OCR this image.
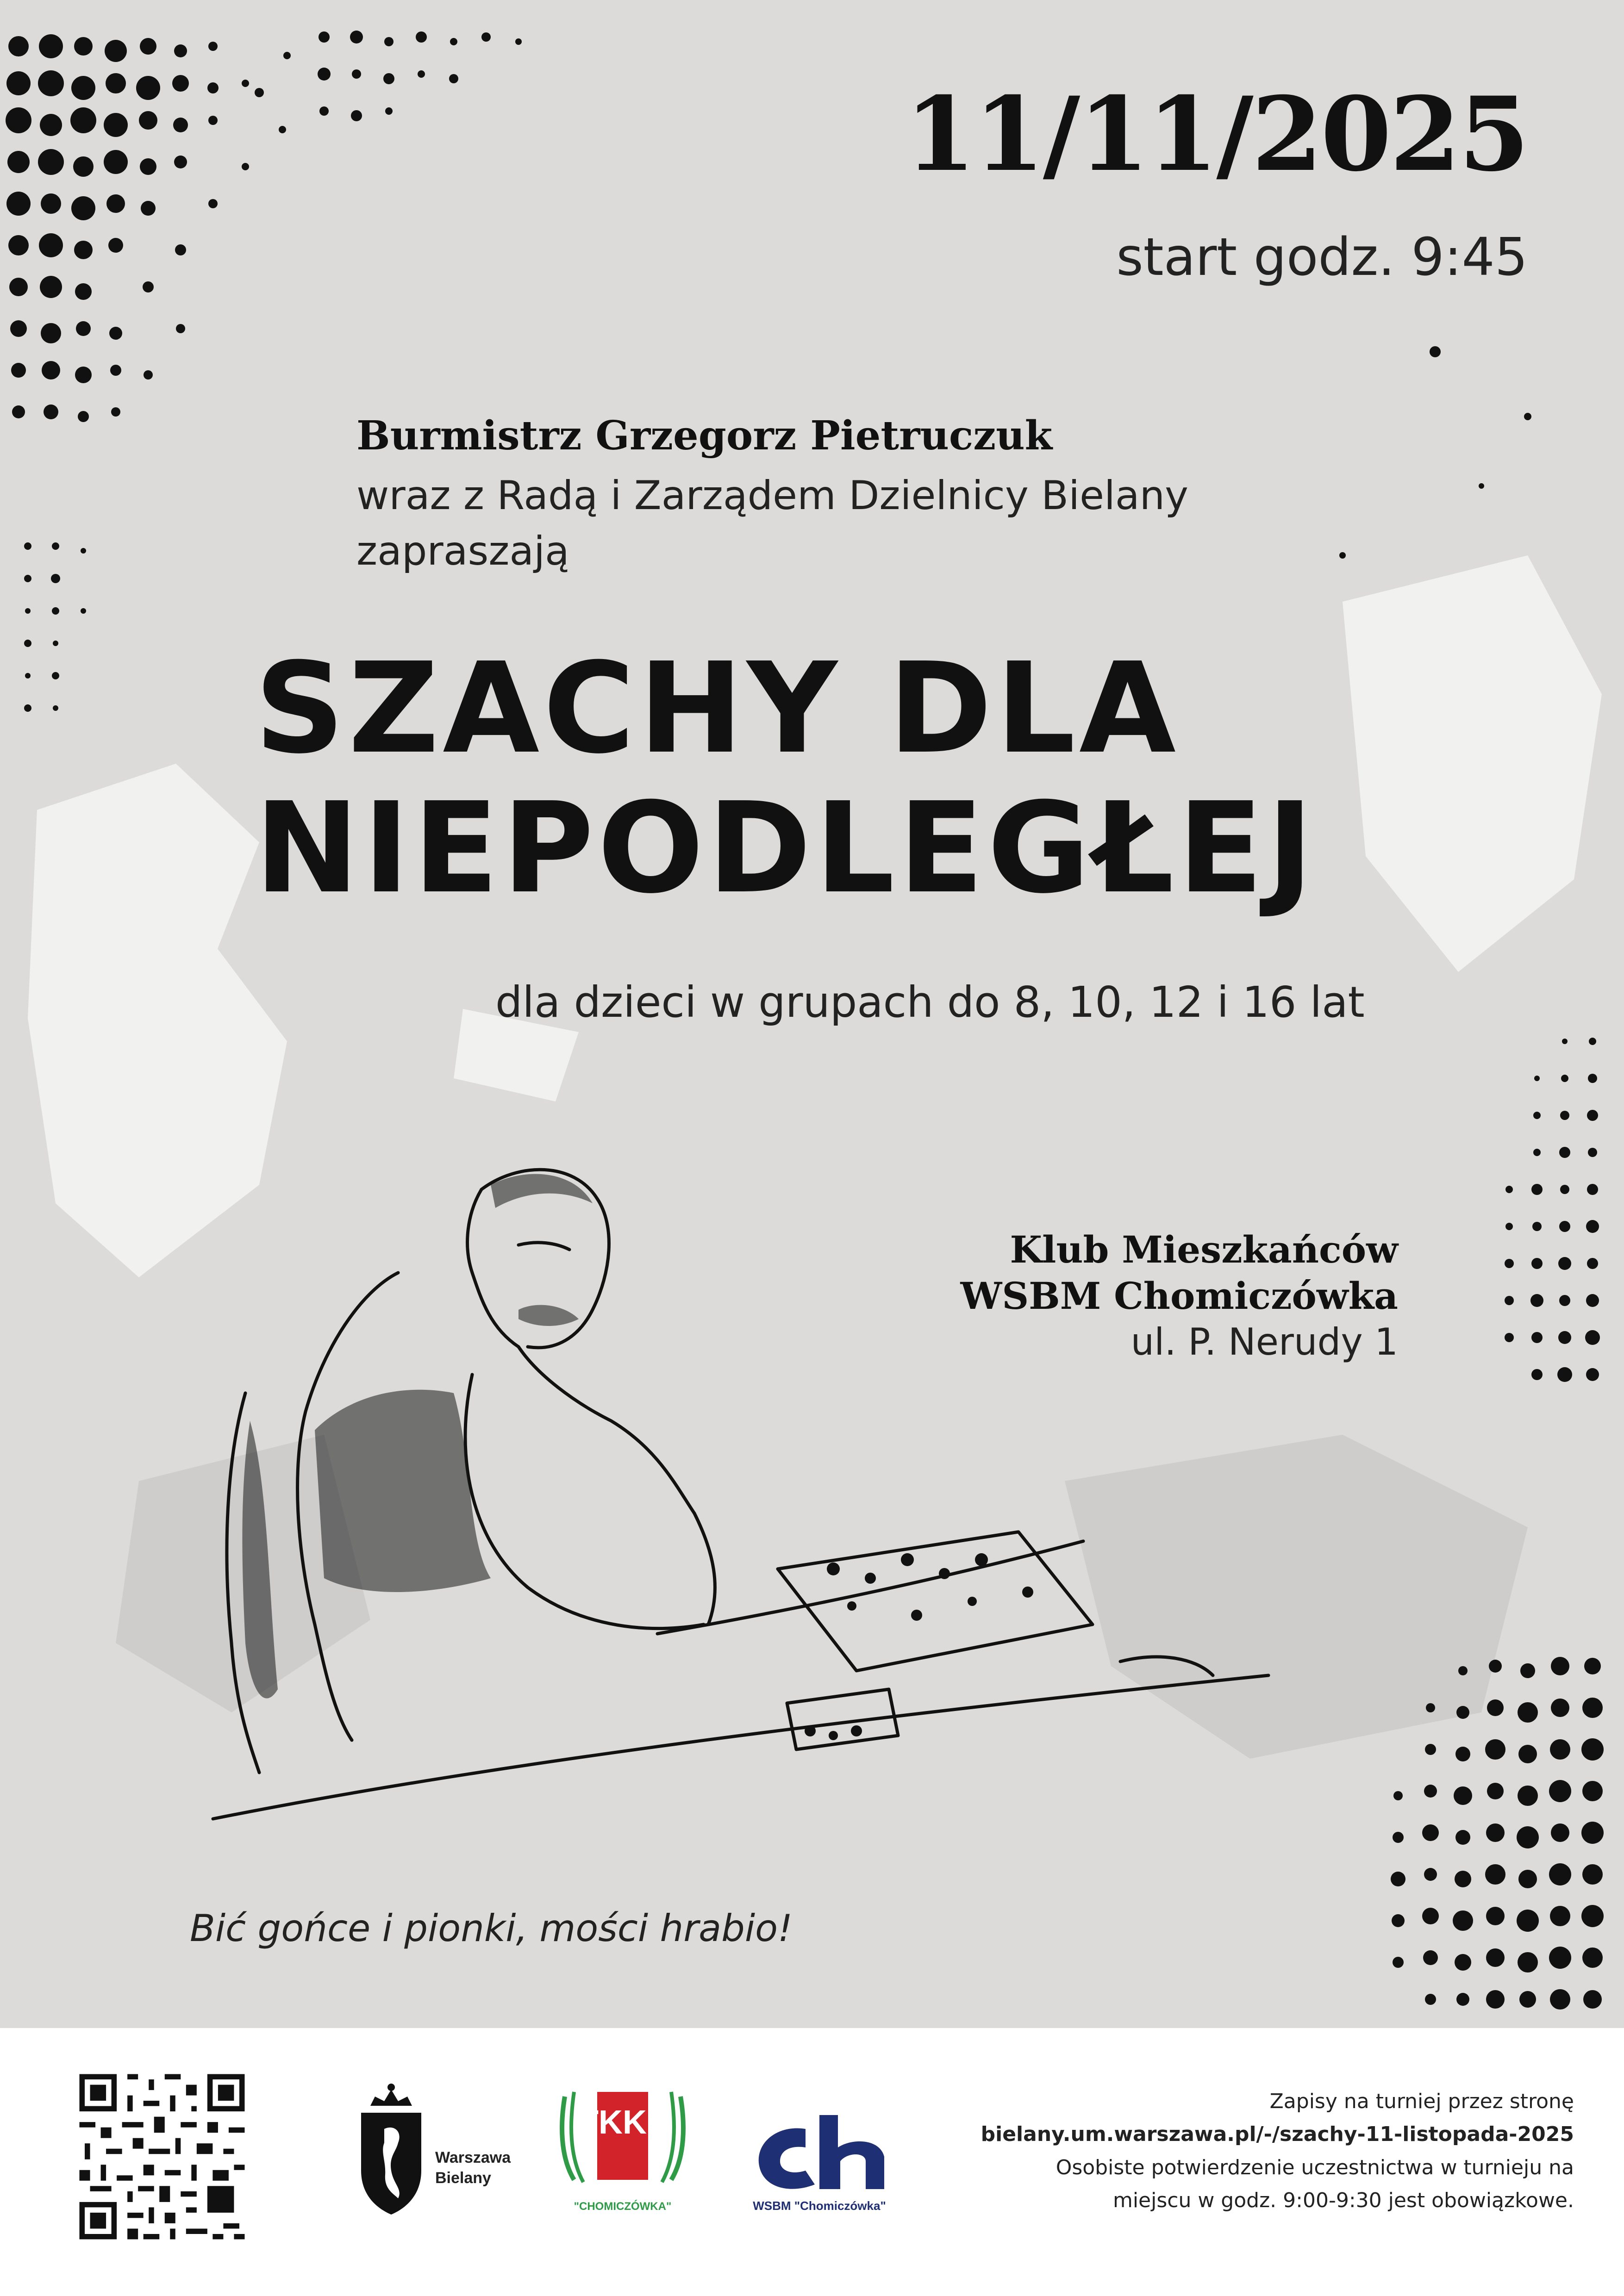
11/11/2025
start godz. 9:45
Burmistrz Grzegorz Pietruczuk
wraz z Radą i Zarządem Dzielnicy Bielany
zapraszają
SZACHY DLA
NIEPODLEGŁEJ
dla dzieci w grupach do 8, 10, 12 i 16 lat
Klub Mieszkańców
WSBM Chomiczówka
ul. P. Nerudy 1
Bić gońce i pionki, mości hrabio!
Warszawa
Bielany
TKKF
"CHOMICZÓWKA"	WSBM "Chomiczówka"
Zapisy na turniej przez stronę
bielany.um.warszawa.pl/-/szachy-11-listopada-2025
Osobiste potwierdzenie uczestnictwa w turnieju na
miejscu w godz. 9:00-9:30 jest obowiązkowe.
